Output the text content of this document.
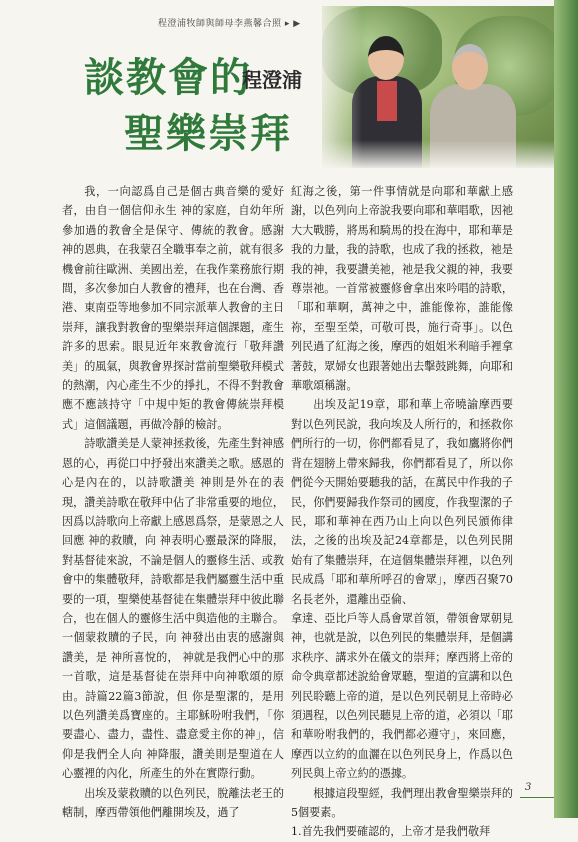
程澄浦牧師與師母李燕馨合照 ▸ ▶
談教會的
程澄浦
聖樂崇拜

我，一向認爲自己是個古典音樂的愛好者，由自一個信仰永生 神的家庭，自幼年所參加過的教會全是保守、傳統的教會。感謝 神的恩典，在我蒙召全職事奉之前，就有很多機會前往歐洲、美國出差，在我作業務旅行期間，多次參加白人教會的禮拜，也在台灣、香港、東南亞等地參加不同宗派華人教會的主日崇拜，讓我對教會的聖樂崇拜這個課題，產生許多的思索。眼見近年來教會流行「敬拜讚美」的風氣，與教會界探討當前聖樂敬拜模式的熱潮，內心產生不少的掙扎，不得不對教會應不應該持守「中規中矩的教會傳統崇拜模式」這個議題，再做冷靜的檢討。

詩歌讚美是人蒙神拯救後，先產生對神感恩的心，再從口中抒發出來讚美之歌。感恩的心是內在的，以詩歌讚美 神則是外在的表現，讚美詩歌在敬拜中佔了非常重要的地位，因爲以詩歌向上帝獻上感恩爲祭，是蒙恩之人回應 神的救贖，向 神表明心靈最深的降服，對基督徒來說，不論是個人的靈修生活、或教會中的集體敬拜，詩歌都是我們屬靈生活中重要的一項，聖樂使基督徒在集體崇拜中彼此聯合，也在個人的靈修生活中與造他的主聯合。一個蒙救贖的子民，向 神發出由衷的感謝與讚美，是 神所喜悅的， 神就是我們心中的那一首歌，這是基督徒在崇拜中向神歌頌的原由。詩篇22篇3節說，但 你是聖潔的，是用以色列讚美爲寶座的。主耶穌吩咐我們，「你要盡心、盡力，盡性、盡意愛主你的神」，信仰是我們全人向 神降服，讚美則是聖道在人心靈裡的內化，所產生的外在實際行動。

出埃及蒙救贖的以色列民，脫離法老王的轄制，摩西帶領他們離開埃及，過了

紅海之後，第一件事情就是向耶和華獻上感謝，以色列向上帝說我要向耶和華唱歌，因祂大大戰勝，將馬和騎馬的投在海中，耶和華是我的力量，我的詩歌，也成了我的拯救，祂是我的神，我要讚美祂，祂是我父親的神，我要尊崇祂。一首常被靈修會拿出來吟唱的詩歌，「耶和華啊，萬神之中，誰能像祢，誰能像祢，至聖至榮，可敬可畏，施行奇事」。以色列民過了紅海之後，摩西的姐姐米利暗手裡拿著鼓，眾婦女也跟著她出去擊鼓跳舞，向耶和華歌頌稱謝。

出埃及記19章，耶和華上帝曉諭摩西要對以色列民說，我向埃及人所行的，和拯救你們所行的一切，你們都看見了，我如鷹將你們背在翅膀上帶來歸我，你們都看見了，所以你們從今天開始要聽我的話，在萬民中作我的子民，你們要歸我作祭司的國度，作我聖潔的子民，耶和華神在西乃山上向以色列民頒佈律法，之後的出埃及記24章都是，以色列民開始有了集體崇拜，在這個集體崇拜裡，以色列民成爲「耶和華所呼召的會眾」，摩西召聚70名長老外，還離出亞倫、

拿達、亞比戶等人爲會眾首領，帶領會眾朝見 神，也就是說，以色列民的集體崇拜，是個講求秩序、講求外在儀文的崇拜；摩西將上帝的命令典章都述說給會眾聽，聖道的宣講和以色列民聆聽上帝的道，是以色列民朝見上帝時必須遇程，以色列民聽見上帝的道，必須以「耶和華吩咐我們的，我們都必遵守」，來回應，摩西以立約的血灑在以色列民身上，作爲以色列民與上帝立約的憑據。

根據這段聖經，我們理出教會聖樂崇拜的5個要素。

1.首先我們要確認的，上帝才是我們敬拜

3
